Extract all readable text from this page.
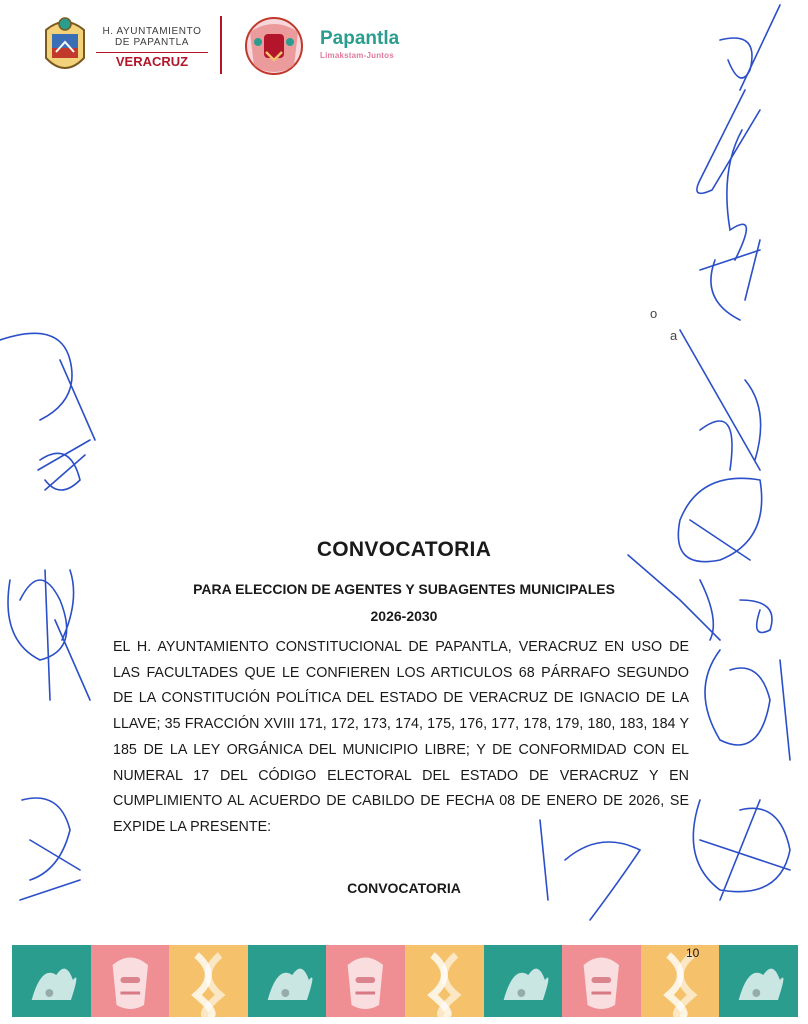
H. AYUNTAMIENTO
DE PAPANTLA
VERACRUZ
Papantla
Limakstam-Juntos
o
a
CONVOCATORIA
PARA ELECCION DE AGENTES Y SUBAGENTES MUNICIPALES
2026-2030
EL H. AYUNTAMIENTO CONSTITUCIONAL DE PAPANTLA, VERACRUZ EN USO DE LAS FACULTADES QUE LE CONFIEREN LOS ARTICULOS 68 PÁRRAFO SEGUNDO DE LA CONSTITUCIÓN POLÍTICA DEL ESTADO DE VERACRUZ DE IGNACIO DE LA LLAVE; 35 FRACCIÓN XVIII 171, 172, 173, 174, 175, 176, 177, 178, 179, 180, 183, 184 Y 185 DE LA LEY ORGÁNICA DEL MUNICIPIO LIBRE; Y DE CONFORMIDAD CON EL NUMERAL 17 DEL CÓDIGO ELECTORAL DEL ESTADO DE VERACRUZ Y EN CUMPLIMIENTO AL ACUERDO DE CABILDO DE FECHA 08 DE ENERO DE 2026, SE EXPIDE LA PRESENTE:
CONVOCATORIA
10
